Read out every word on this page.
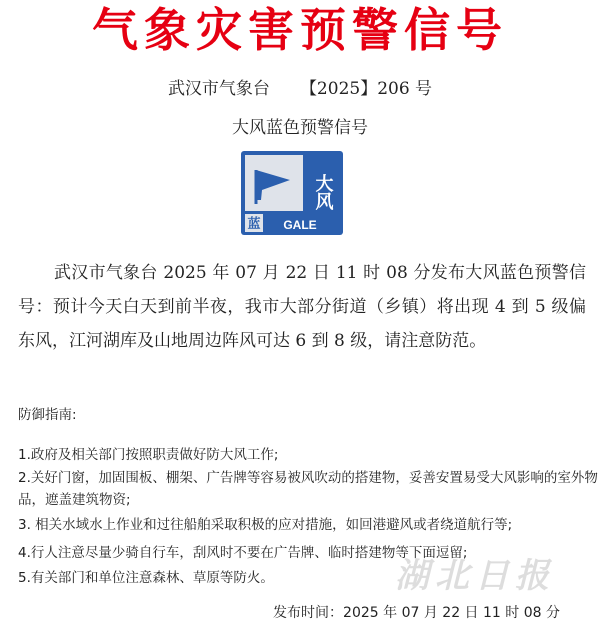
气象灾害预警信号
武汉市气象台 【2025】206 号
大风蓝色预警信号
大风
蓝 GALE

武汉市气象台 2025 年 07 月 22 日 11 时 08 分发布大风蓝色预警信号：预计今天白天到前半夜，我市大部分街道（乡镇）将出现 4 到 5 级偏东风，江河湖库及山地周边阵风可达 6 到 8 级，请注意防范。

防御指南:

1.政府及相关部门按照职责做好防大风工作;

2.关好门窗，加固围板、棚架、广告牌等容易被风吹动的搭建物，妥善安置易受大风影响的室外物品，遮盖建筑物资;

3. 相关水域水上作业和过往船舶采取积极的应对措施，如回港避风或者绕道航行等;

4.行人注意尽量少骑自行车，刮风时不要在广告牌、临时搭建物等下面逗留;

5.有关部门和单位注意森林、草原等防火。	湖北日报
发布时间：2025 年 07 月 22 日 11 时 08 分
